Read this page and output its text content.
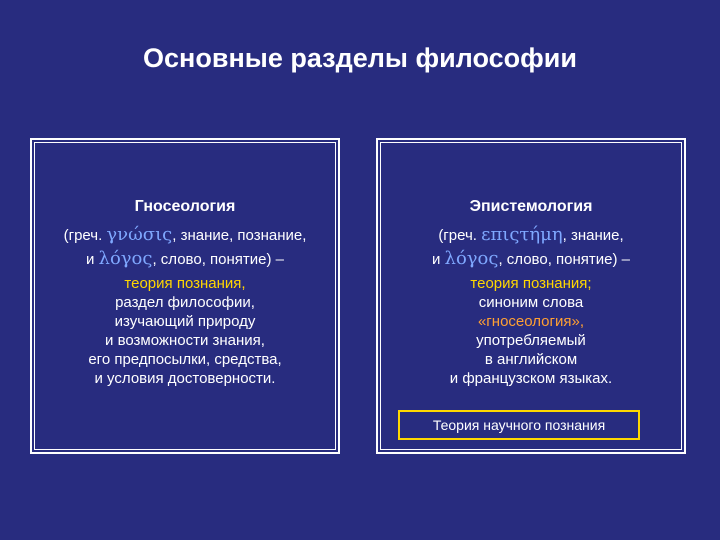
Основные разделы философии
Гносеология
(греч. γνώσις, знание, познание,
и λόγος, слово, понятие) –
теория познания,
раздел философии,
изучающий природу
и возможности знания,
его предпосылки, средства,
и условия достоверности.
Эпистемология
(греч. επιςτήμη, знание,
и λόγος, слово, понятие) –
теория познания;
синоним слова
«гносеология»,
употребляемый
в английском
и французском языках.
Теория научного познания
